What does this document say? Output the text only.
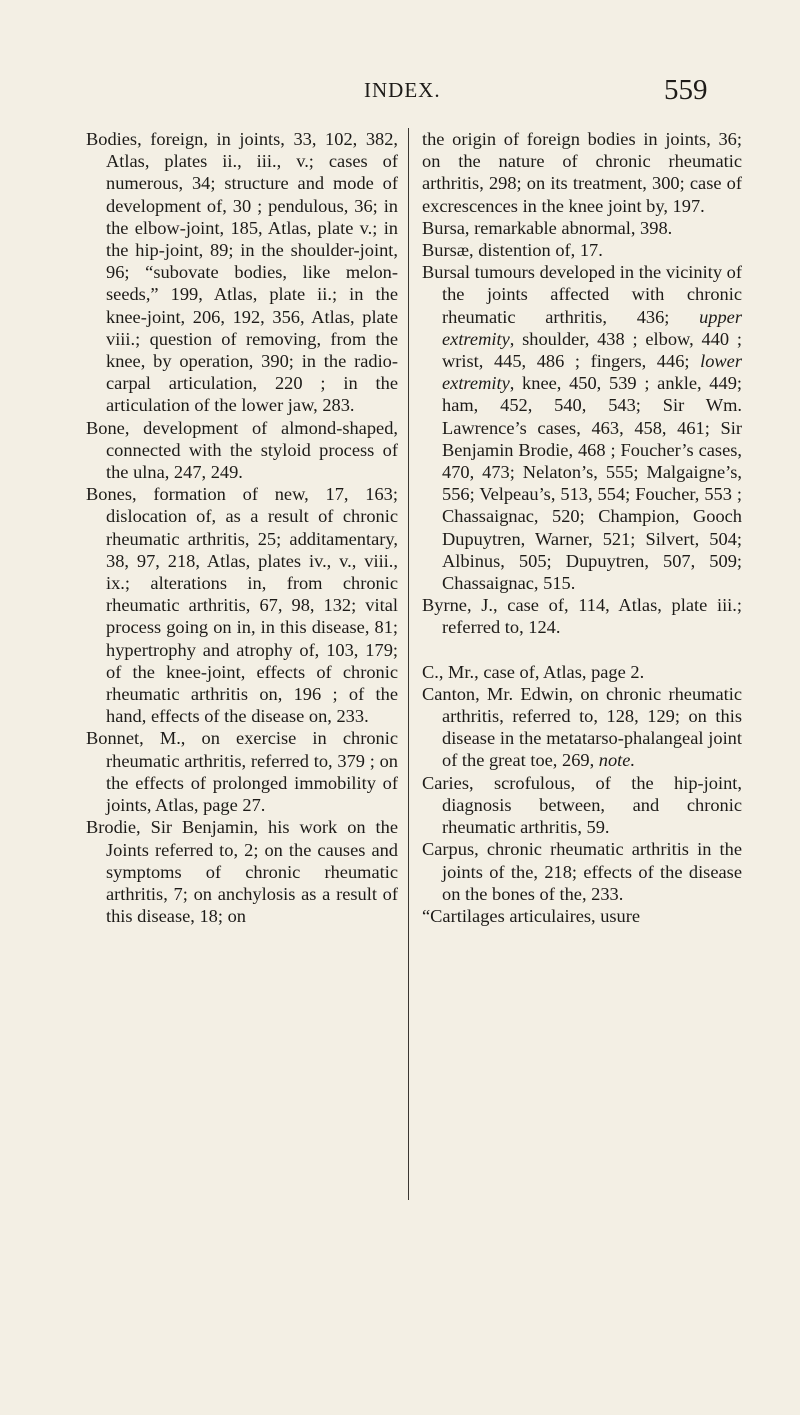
INDEX.	559

Bodies, foreign, in joints, 33, 102, 382, Atlas, plates ii., iii., v.; cases of numerous, 34; structure and mode of development of, 30 ; pendulous, 36; in the elbow-joint, 185, Atlas, plate v.; in the hip-joint, 89; in the shoulder-joint, 96; “subovate bodies, like melon-seeds,” 199, Atlas, plate ii.; in the knee-joint, 206, 192, 356, Atlas, plate viii.; question of removing, from the knee, by operation, 390; in the radio-carpal articulation, 220 ; in the articulation of the lower jaw, 283.

Bone, development of almond-shaped, connected with the styloid process of the ulna, 247, 249.

Bones, formation of new, 17, 163; dislocation of, as a result of chronic rheumatic arthritis, 25; additamentary, 38, 97, 218, Atlas, plates iv., v., viii., ix.; alterations in, from chronic rheumatic arthritis, 67, 98, 132; vital process going on in, in this disease, 81; hypertrophy and atrophy of, 103, 179; of the knee-joint, effects of chronic rheumatic arthritis on, 196 ; of the hand, effects of the disease on, 233.

Bonnet, M., on exercise in chronic rheumatic arthritis, referred to, 379 ; on the effects of prolonged immobility of joints, Atlas, page 27.

Brodie, Sir Benjamin, his work on the Joints referred to, 2; on the causes and symptoms of chronic rheumatic arthritis, 7; on anchylosis as a result of this disease, 18; on

the origin of foreign bodies in joints, 36; on the nature of chronic rheumatic arthritis, 298; on its treatment, 300; case of excrescences in the knee joint by, 197.

Bursa, remarkable abnormal, 398.

Bursæ, distention of, 17.

Bursal tumours developed in the vicinity of the joints affected with chronic rheumatic arthritis, 436; upper extremity, shoulder, 438 ; elbow, 440 ; wrist, 445, 486 ; fingers, 446; lower extremity, knee, 450, 539 ; ankle, 449; ham, 452, 540, 543; Sir Wm. Lawrence’s cases, 463, 458, 461; Sir Benjamin Brodie, 468 ; Foucher’s cases, 470, 473; Nelaton’s, 555; Malgaigne’s, 556; Velpeau’s, 513, 554; Foucher, 553 ; Chassaignac, 520; Champion, Gooch Dupuytren, Warner, 521; Silvert, 504; Albinus, 505; Dupuytren, 507, 509; Chassaignac, 515.

Byrne, J., case of, 114, Atlas, plate iii.; referred to, 124.

C., Mr., case of, Atlas, page 2.

Canton, Mr. Edwin, on chronic rheumatic arthritis, referred to, 128, 129; on this disease in the metatarso-phalangeal joint of the great toe, 269, note.

Caries, scrofulous, of the hip-joint, diagnosis between, and chronic rheumatic arthritis, 59.

Carpus, chronic rheumatic arthritis in the joints of the, 218; effects of the disease on the bones of the, 233.

“Cartilages articulaires, usure
